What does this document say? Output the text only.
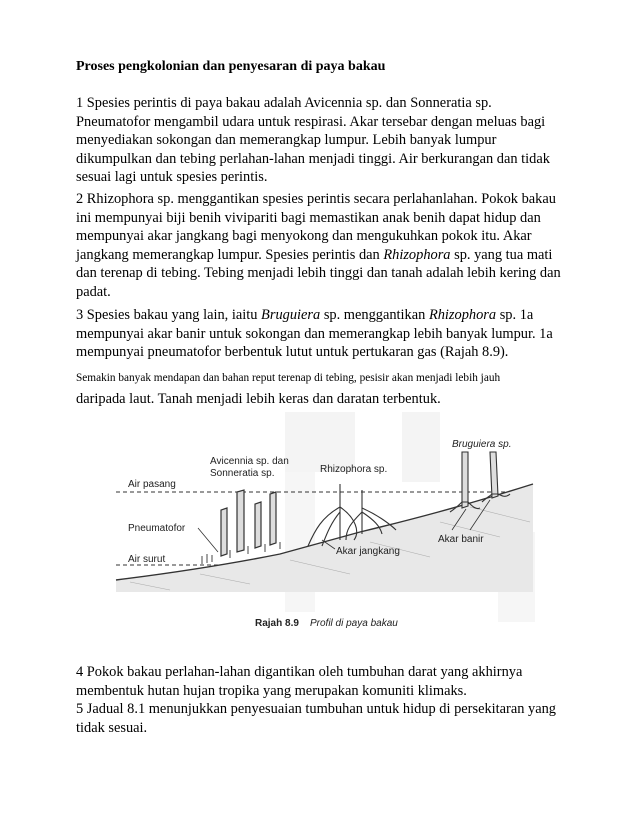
Proses pengkolonian dan penyesaran di paya bakau
1 Spesies perintis di paya bakau adalah Avicennia sp. dan Sonneratia sp.
Pneumatofor mengambil udara untuk respirasi. Akar tersebar dengan meluas bagi
menyediakan sokongan dan memerangkap lumpur. Lebih banyak lumpur
dikumpulkan dan tebing perlahan-lahan menjadi tinggi. Air berkurangan dan tidak
sesuai lagi untuk spesies perintis.
2 Rhizophora sp. menggantikan spesies perintis secara perlahanlahan. Pokok bakau
ini mempunyai biji benih vivipariti bagi memastikan anak benih dapat hidup dan
mempunyai akar jangkang bagi menyokong dan mengukuhkan pokok itu. Akar
jangkang memerangkap lumpur. Spesies perintis dan Rhizophora sp. yang tua mati
dan terenap di tebing. Tebing menjadi lebih tinggi dan tanah adalah lebih kering dan
padat.
3 Spesies bakau yang lain, iaitu Bruguiera sp. menggantikan Rhizophora sp. 1a
mempunyai akar banir untuk sokongan dan memerangkap lebih banyak lumpur. 1a
mempunyai pneumatofor berbentuk lutut untuk pertukaran gas (Rajah 8.9).
Semakin banyak mendapan dan bahan reput terenap di tebing, pesisir akan menjadi lebih jauh
daripada laut. Tanah menjadi lebih keras dan daratan terbentuk.
Avicennia sp. dan
Sonneratia sp.	Rhizophora sp.
Bruguiera sp.
Air pasang
Pneumatofor
Air surut
Akar jangkang
Akar banir
Rajah 8.9 Profil di paya bakau
4 Pokok bakau perlahan-lahan digantikan oleh tumbuhan darat yang akhirnya
membentuk hutan hujan tropika yang merupakan komuniti klimaks.
5 Jadual 8.1 menunjukkan penyesuaian tumbuhan untuk hidup di persekitaran yang
tidak sesuai.
